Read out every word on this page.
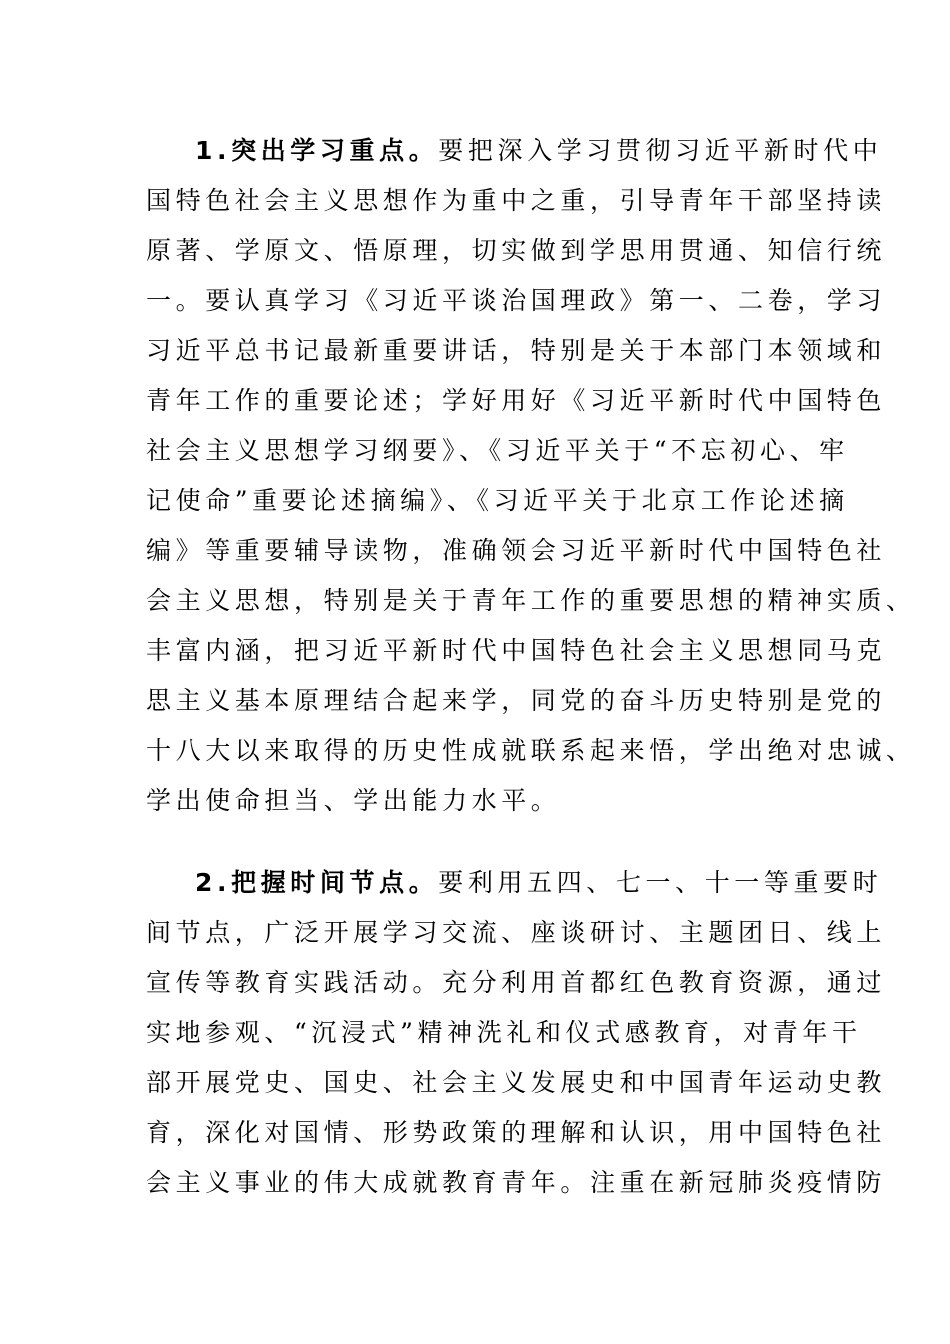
1.突出学习重点。要把深入学习贯彻习近平新时代中
国特色社会主义思想作为重中之重，引导青年干部坚持读
原著、学原文、悟原理，切实做到学思用贯通、知信行统
一。要认真学习《习近平谈治国理政》第一、二卷，学习
习近平总书记最新重要讲话，特别是关于本部门本领域和
青年工作的重要论述；学好用好《习近平新时代中国特色
社会主义思想学习纲要》、《习近平关于“不忘初心、牢
记使命”重要论述摘编》、《习近平关于北京工作论述摘
编》等重要辅导读物，准确领会习近平新时代中国特色社
会主义思想，特别是关于青年工作的重要思想的精神实质、
丰富内涵，把习近平新时代中国特色社会主义思想同马克
思主义基本原理结合起来学，同党的奋斗历史特别是党的
十八大以来取得的历史性成就联系起来悟，学出绝对忠诚、
学出使命担当、学出能力水平。
2.把握时间节点。要利用五四、七一、十一等重要时
间节点，广泛开展学习交流、座谈研讨、主题团日、线上
宣传等教育实践活动。充分利用首都红色教育资源，通过
实地参观、“沉浸式”精神洗礼和仪式感教育，对青年干
部开展党史、国史、社会主义发展史和中国青年运动史教
育，深化对国情、形势政策的理解和认识，用中国特色社
会主义事业的伟大成就教育青年。注重在新冠肺炎疫情防
